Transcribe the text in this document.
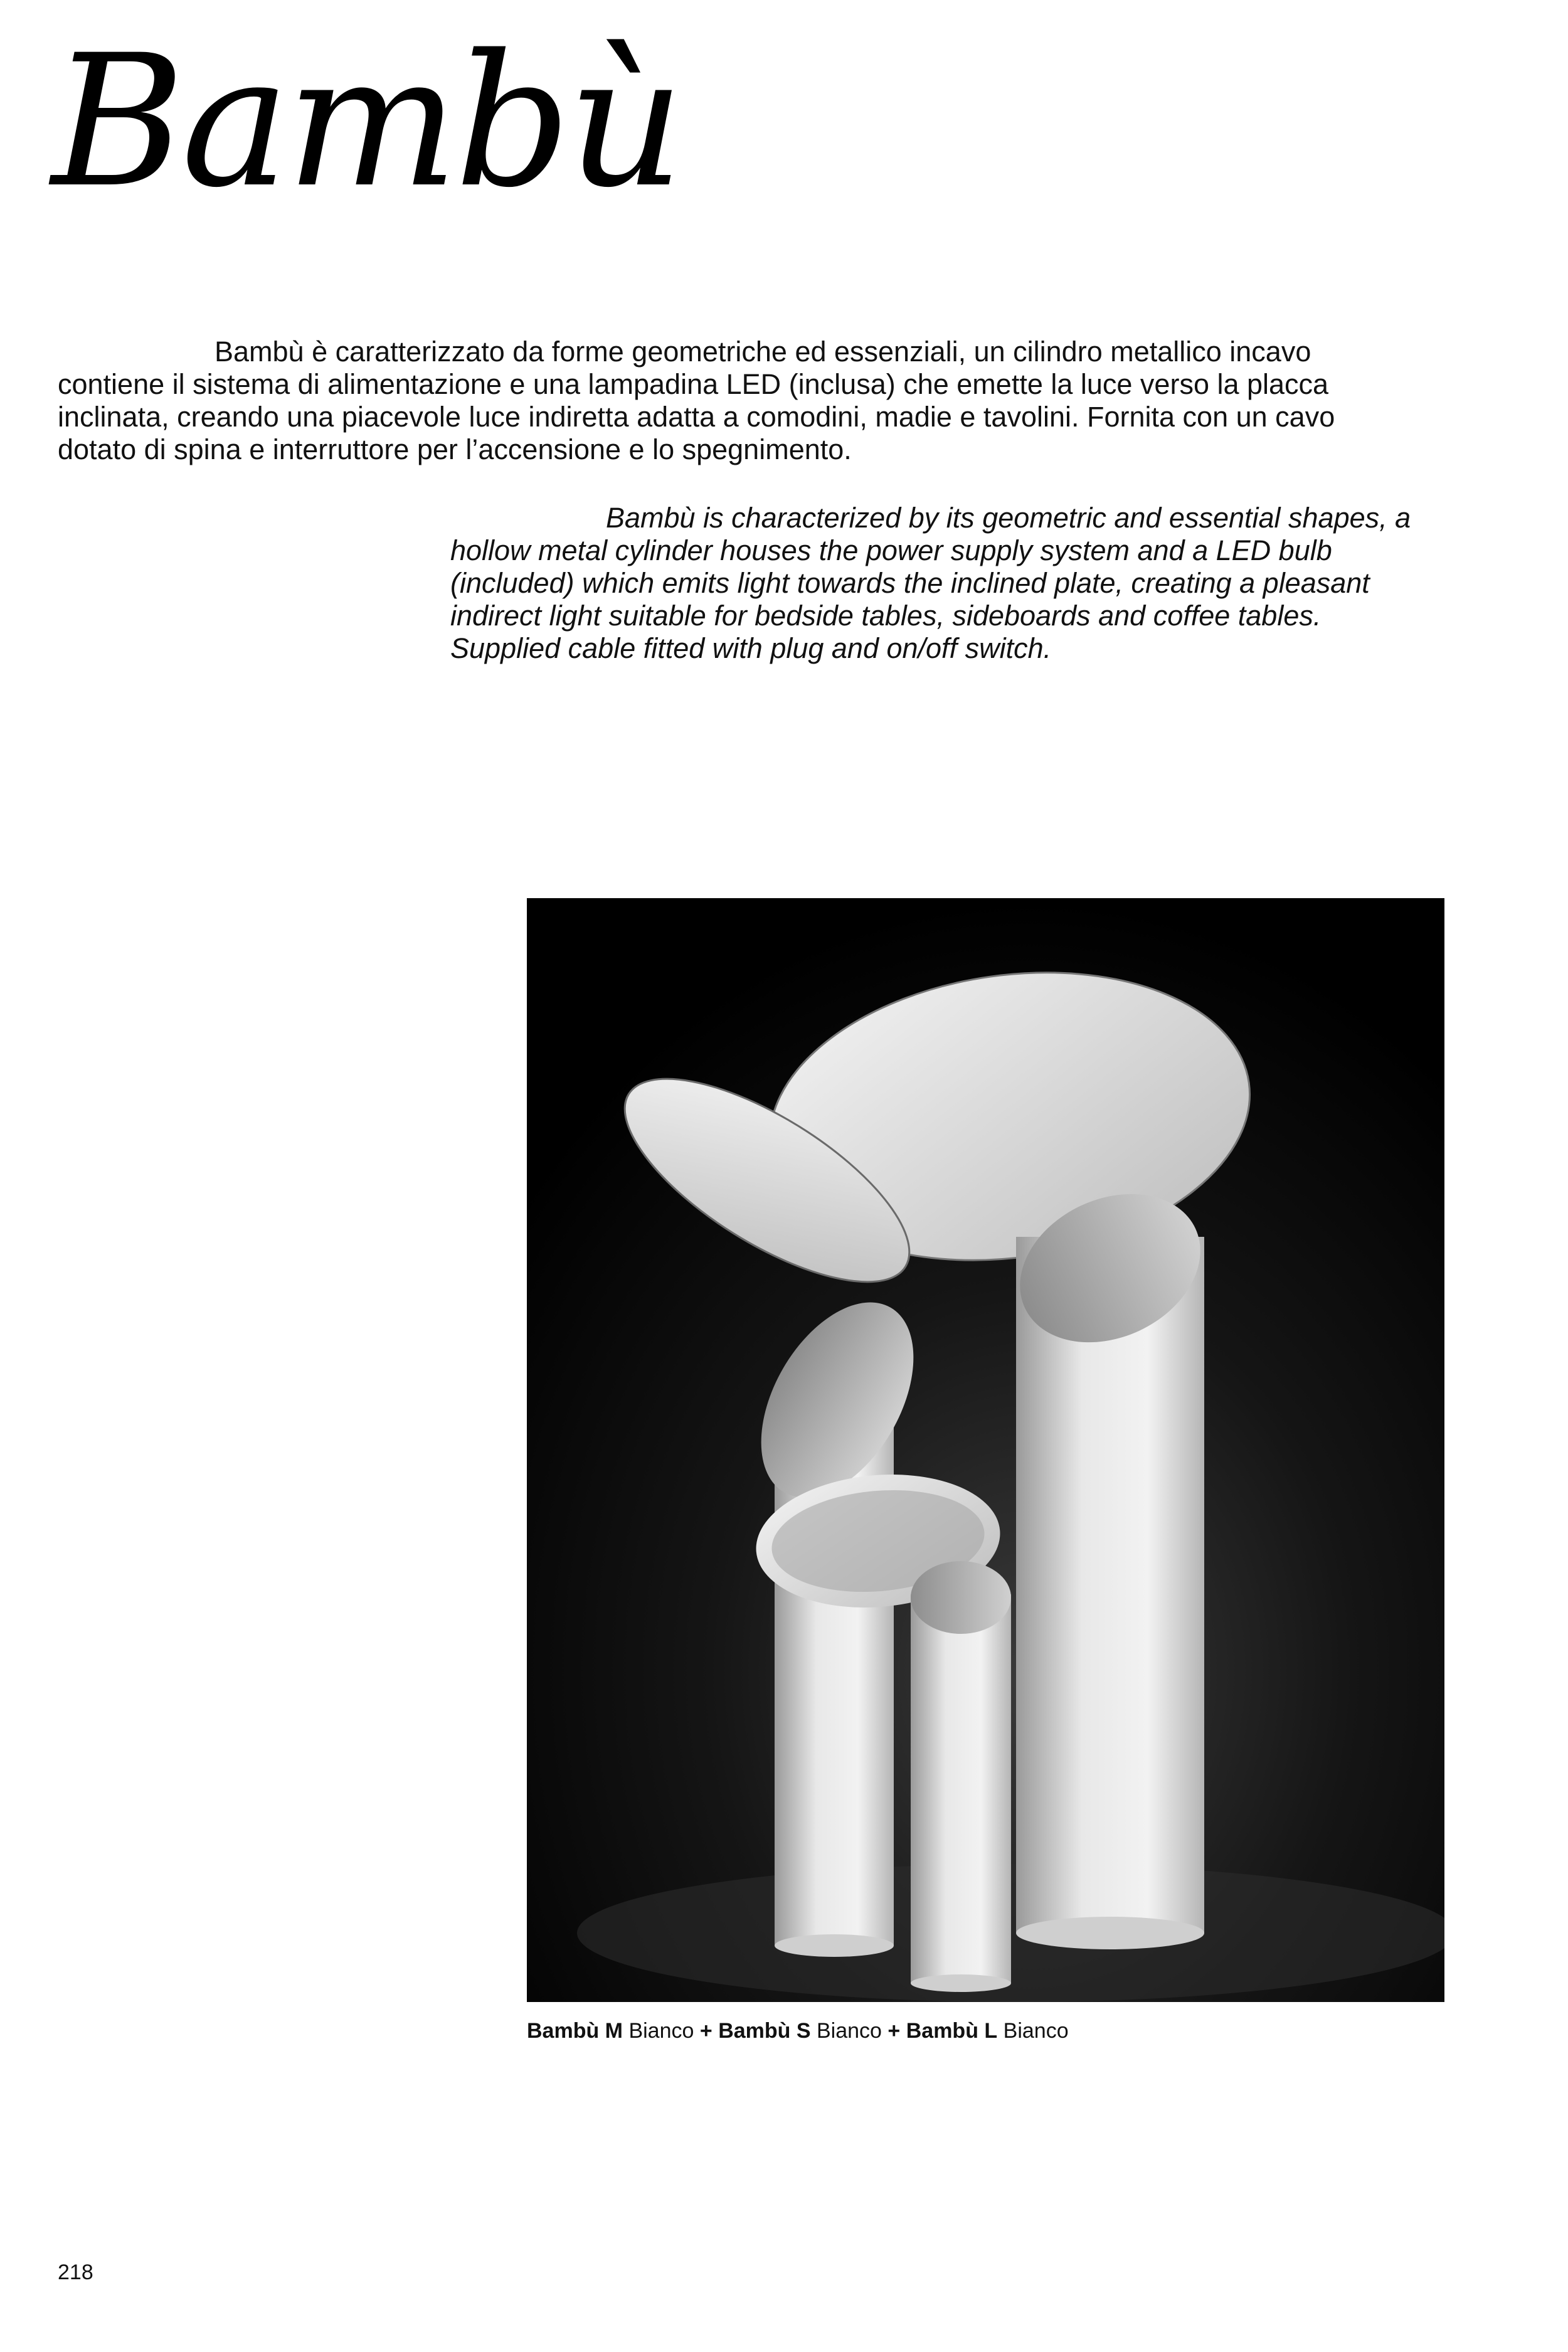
Bambù

Bambù è caratterizzato da forme geometriche ed essenziali, un cilindro metallico incavo contiene il sistema di alimentazione e una lampadina LED (inclusa) che emette la luce verso la placca inclinata, creando una piacevole luce indiretta adatta a comodini, madie e tavolini. Fornita con un cavo dotato di spina e interruttore per l’accensione e lo spegnimento.

Bambù is characterized by its geometric and essential shapes, a hollow metal cylinder houses the power supply system and a LED bulb (included) which emits light towards the inclined plate, creating a pleasant indirect light suitable for bedside tables, sideboards and coffee tables. Supplied cable fitted with plug and on/off switch.

Bambù M Bianco + Bambù S Bianco + Bambù L Bianco

218
